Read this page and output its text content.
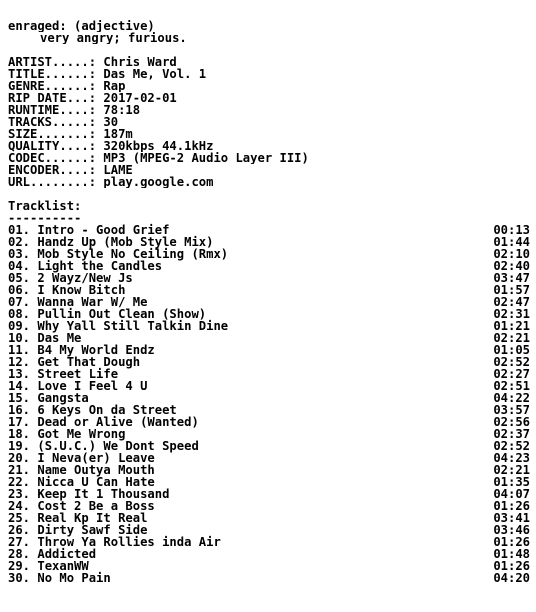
enraged: (adjective)
very angry; furious.
ARTIST.....: Chris Ward
TITLE......: Das Me, Vol. 1
GENRE......: Rap
RIP DATE...: 2017-02-01
RUNTIME....: 78:18
TRACKS.....: 30
SIZE.......: 187m
QUALITY....: 320kbps 44.1kHz
CODEC......: MP3 (MPEG-2 Audio Layer III)
ENCODER....: LAME
URL........: play.google.com
Tracklist:
----------
01. Intro - Good Grief	00:13
02. Handz Up (Mob Style Mix)	01:44
03. Mob Style No Ceiling (Rmx)	02:10
04. Light the Candles	02:40
05. 2 Wayz/New Js	03:47
06. I Know Bitch	01:57
07. Wanna War W/ Me	02:47
08. Pullin Out Clean (Show)	02:31
09. Why Yall Still Talkin Dine	01:21
10. Das Me	02:21
11. B4 My World Endz	01:05
12. Get That Dough	02:52
13. Street Life	02:27
14. Love I Feel 4 U	02:51
15. Gangsta	04:22
16. 6 Keys On da Street	03:57
17. Dead or Alive (Wanted)	02:56
18. Got Me Wrong	02:37
19. (S.U.C.) We Dont Speed	02:52
20. I Neva(er) Leave	04:23
21. Name Outya Mouth	02:21
22. Nicca U Can Hate	01:35
23. Keep It 1 Thousand	04:07
24. Cost 2 Be a Boss	01:26
25. Real Kp It Real	03:41
26. Dirty Sawf Side	03:46
27. Throw Ya Rollies inda Air	01:26
28. Addicted	01:48
29. TexanWW	01:26
30. No Mo Pain	04:20
